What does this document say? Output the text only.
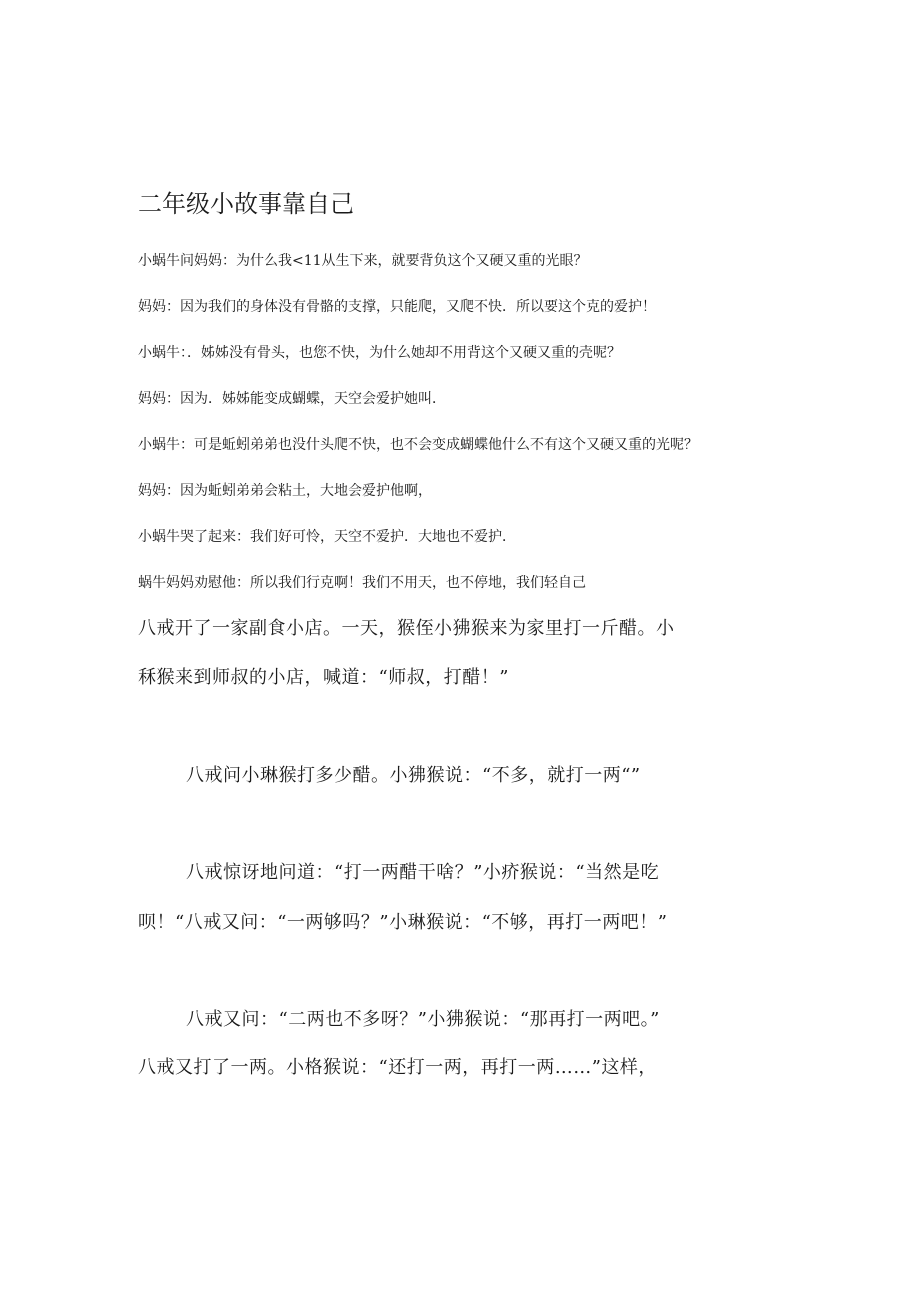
二年级小故事靠自己

小蜗牛问妈妈：为什么我<11从生下来，就要背负这个又硬又重的光眼？

妈妈：因为我们的身体没有骨骼的支撑，只能爬，又爬不快．所以要这个克的爱护！

小蜗牛：．姊姊没有骨头，也您不快，为什么她却不用背这个又硬又重的壳呢？

妈妈：因为．姊姊能变成蝴蝶，天空会爱护她叫．

小蜗牛：可是蚯蚓弟弟也没什头爬不快，也不会变成蝴蝶他什么不有这个又硬又重的光呢？

妈妈：因为蚯蚓弟弟会粘土，大地会爱护他啊，

小蜗牛哭了起来：我们好可怜，天空不爱护．大地也不爱护．

蜗牛妈妈劝慰他：所以我们行克啊！我们不用天，也不停地，我们轻自己

八戒开了一家副食小店。一天，猴侄小狒猴来为家里打一斤醋。小

秝猴来到师叔的小店，喊道：“师叔，打醋！”

八戒问小琳猴打多少醋。小狒猴说：“不多，就打一两“”

八戒惊讶地问道：“打一两醋干啥？”小疥猴说：“当然是吃

呗！“八戒又问：“一两够吗？”小琳猴说：“不够，再打一两吧！”

八戒又问：“二两也不多呀？”小狒猴说：“那再打一两吧。”

八戒又打了一两。小格猴说：“还打一两，再打一两……”这样，
